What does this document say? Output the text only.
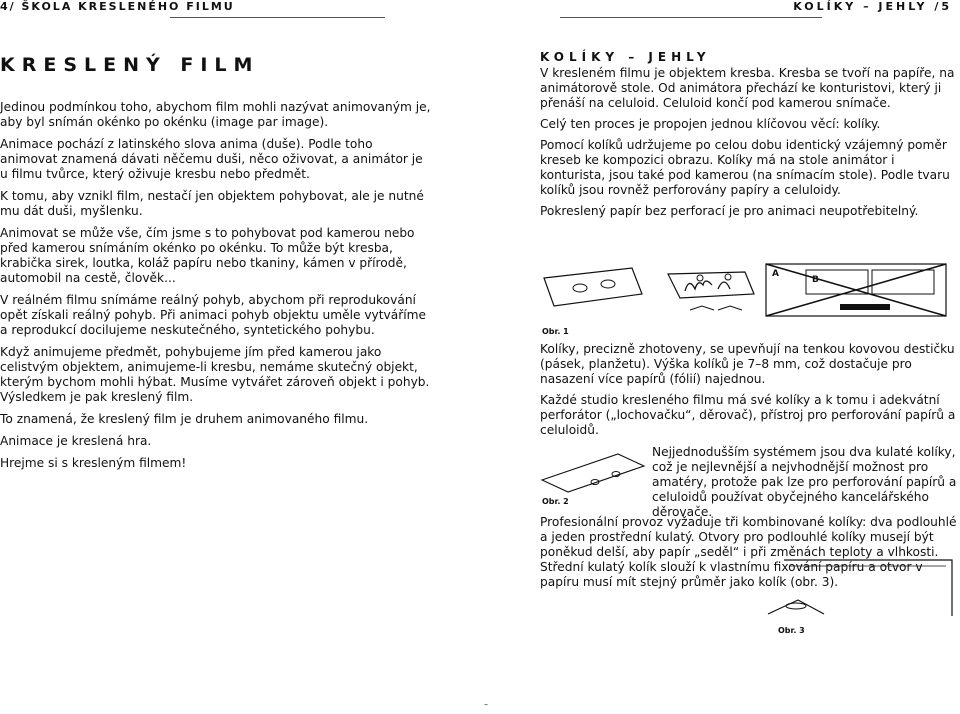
4/ ŠKOLA KRESLENÉHO FILMU	KOLÍKY – JEHLY /5
KRESLENÝ FILM

Jedinou podmínkou toho, abychom film mohli nazývat animovaným je, aby byl snímán okénko po okénku (image par image).

Animace pochází z latinského slova anima (duše). Podle toho animovat znamená dávati něčemu duši, něco oživovat, a animátor je u filmu tvůrce, který oživuje kresbu nebo předmět.

K tomu, aby vznikl film, nestačí jen objektem pohybovat, ale je nutné mu dát duši, myšlenku.

Animovat se může vše, čím jsme s to pohybovat pod kamerou nebo před kamerou snímáním okénko po okénku. To může být kresba, krabička sirek, loutka, koláž papíru nebo tkaniny, kámen v přírodě, automobil na cestě, člověk...

V reálném filmu snímáme reálný pohyb, abychom při reprodukování opět získali reálný pohyb. Při animaci pohyb objektu uměle vytváříme a reprodukcí docilujeme neskutečného, syntetického pohybu.

Když animujeme předmět, pohybujeme jím před kamerou jako celistvým objektem, animujeme-li kresbu, nemáme skutečný objekt, kterým bychom mohli hýbat. Musíme vytvářet zároveň objekt i pohyb. Výsledkem je pak kreslený film.

To znamená, že kreslený film je druhem animovaného filmu.

Animace je kreslená hra.

Hrejme si s kresleným filmem!

KOLÍKY – JEHLY

V kresleném filmu je objektem kresba. Kresba se tvoří na papíře, na animátorově stole. Od animátora přechází ke konturistovi, který ji přenáší na celuloid. Celuloid končí pod kamerou snímače.

Celý ten proces je propojen jednou klíčovou věcí: kolíky.

Pomocí kolíků udržujeme po celou dobu identický vzájemný poměr kreseb ke kompozici obrazu. Kolíky má na stole animátor i konturista, jsou také pod kamerou (na snímacím stole). Podle tvaru kolíků jsou rovněž perforovány papíry a celuloidy.

Pokreslený papír bez perforací je pro animaci neupotřebitelný.

A
B
Obr. 1

Kolíky, precizně zhotoveny, se upevňují na tenkou kovovou destičku (pásek, planžetu). Výška kolíků je 7–8 mm, což dostačuje pro nasazení více papírů (fólií) najednou.

Každé studio kresleného filmu má své kolíky a k tomu i adekvátní perforátor („lochovačku“, děrovač), přístroj pro perforování papírů a celuloidů.

Obr. 2
Nejjednodušším systémem jsou dva kulaté kolíky, což je nejlevnější a nejvhodnější možnost pro amatéry, protože pak lze pro perforování papírů a celuloidů používat obyčejného kancelářského děrovače.
Profesionální provoz vyžaduje tři kombinované kolíky: dva podlouhlé a jeden prostřední kulatý. Otvory pro podlouhlé kolíky musejí být poněkud delší, aby papír „seděl“ i při změnách teploty a vlhkosti. Střední kulatý kolík slouží k vlastnímu fixování papíru a otvor v papíru musí mít stejný průměr jako kolík (obr. 3).
Obr. 3
–
